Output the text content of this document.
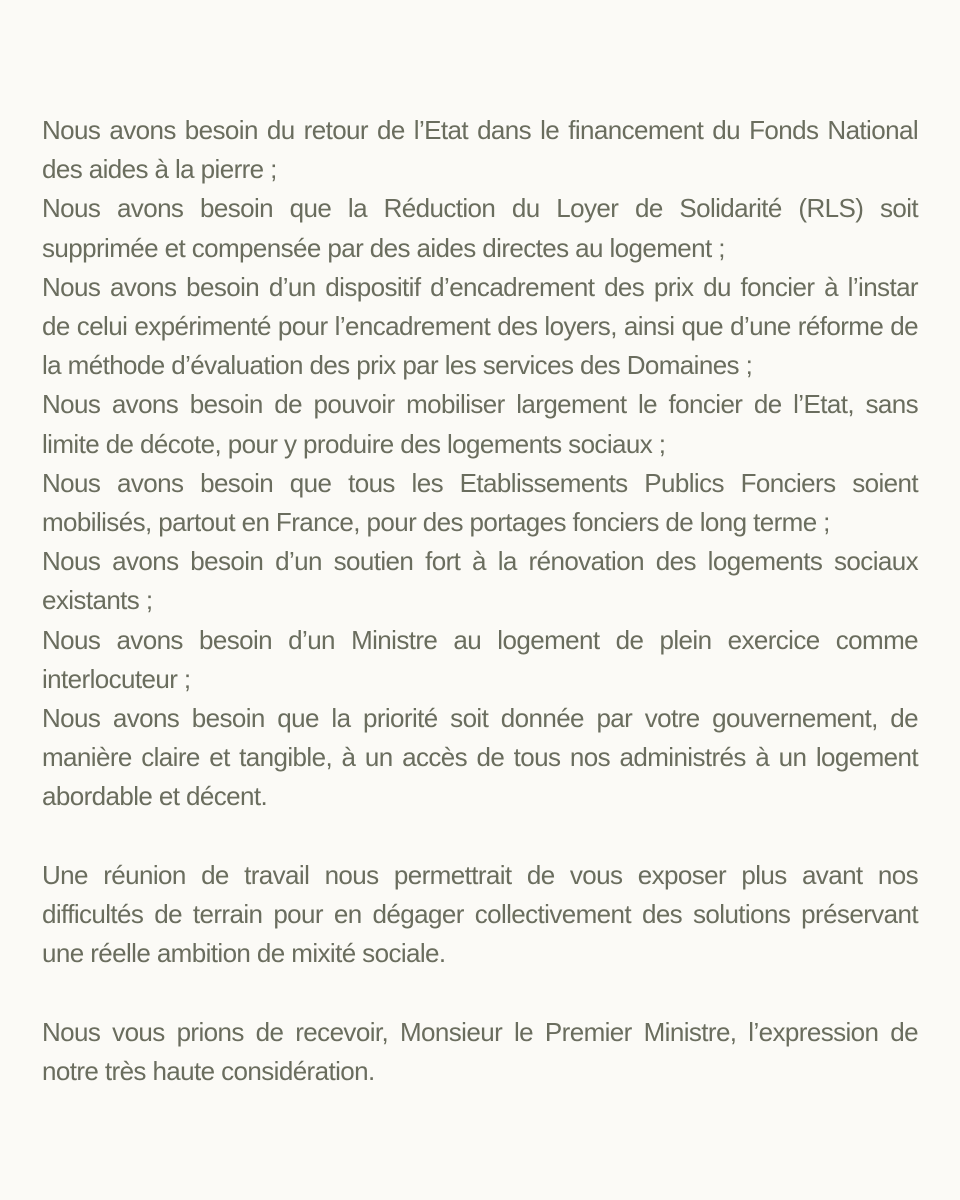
Nous avons besoin du retour de l’Etat dans le financement du Fonds National des aides à la pierre ;

Nous avons besoin que la Réduction du Loyer de Solidarité (RLS) soit supprimée et compensée par des aides directes au logement ;

Nous avons besoin d’un dispositif d’encadrement des prix du foncier à l’instar de celui expérimenté pour l’encadrement des loyers, ainsi que d’une réforme de la méthode d’évaluation des prix par les services des Domaines ;

Nous avons besoin de pouvoir mobiliser largement le foncier de l’Etat, sans limite de décote, pour y produire des logements sociaux ;

Nous avons besoin que tous les Etablissements Publics Fonciers soient mobilisés, partout en France, pour des portages fonciers de long terme ;

Nous avons besoin d’un soutien fort à la rénovation des logements sociaux existants ;

Nous avons besoin d’un Ministre au logement de plein exercice comme interlocuteur ;

Nous avons besoin que la priorité soit donnée par votre gouvernement, de manière claire et tangible, à un accès de tous nos administrés à un logement abordable et décent.

Une réunion de travail nous permettrait de vous exposer plus avant nos difficultés de terrain pour en dégager collectivement des solutions préservant une réelle ambition de mixité sociale.

Nous vous prions de recevoir, Monsieur le Premier Ministre, l’expression de notre très haute considération.
